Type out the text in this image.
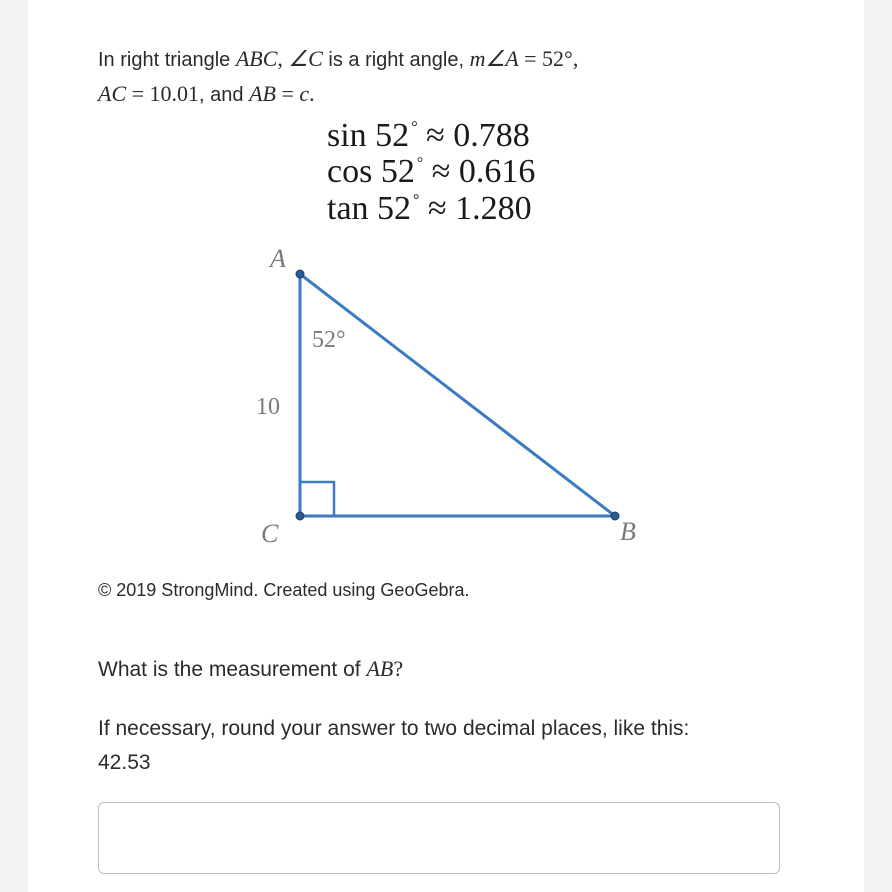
In right triangle ABC, ∠C is a right angle, m∠A = 52°,
AC = 10.01, and AB = c.
sin 52 ° ≈ 0.788
cos 52 ° ≈ 0.616
tan 52 ° ≈ 1.280
A
B
C
52°
10
© 2019 StrongMind. Created using GeoGebra.
What is the measurement of AB?
If necessary, round your answer to two decimal places, like this:
42.53
